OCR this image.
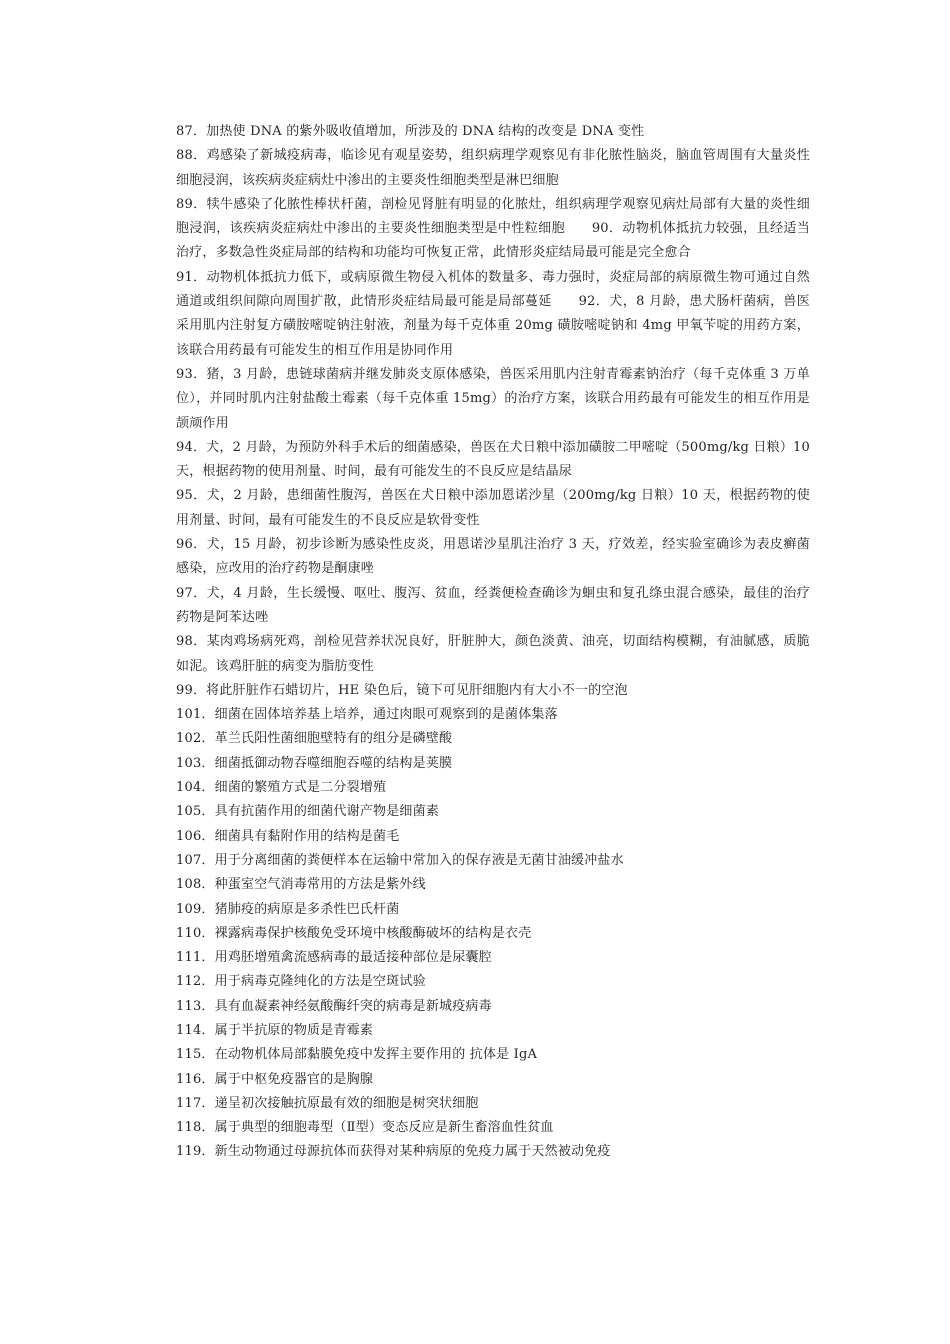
87．加热使 DNA 的紫外吸收值增加，所涉及的 DNA 结构的改变是 DNA 变性

88．鸡感染了新城疫病毒，临诊见有观星姿势，组织病理学观察见有非化脓性脑炎，脑血管周围有大量炎性细胞浸润，该疾病炎症病灶中渗出的主要炎性细胞类型是淋巴细胞

89．犊牛感染了化脓性棒状杆菌，剖检见肾脏有明显的化脓灶，组织病理学观察见病灶局部有大量的炎性细胞浸润，该疾病炎症病灶中渗出的主要炎性细胞类型是中性粒细胞　　90．动物机体抵抗力较强，且经适当治疗，多数急性炎症局部的结构和功能均可恢复正常，此情形炎症结局最可能是完全愈合

91．动物机体抵抗力低下，或病原微生物侵入机体的数量多、毒力强时，炎症局部的病原微生物可通过自然通道或组织间隙向周围扩散，此情形炎症结局最可能是局部蔓延　　92．犬，8 月龄，患犬肠杆菌病，兽医采用肌内注射复方磺胺嘧啶钠注射液，剂量为每千克体重 20mg 磺胺嘧啶钠和 4mg 甲氧苄啶的用药方案，该联合用药最有可能发生的相互作用是协同作用

93．猪，3 月龄，患链球菌病并继发肺炎支原体感染，兽医采用肌内注射青霉素钠治疗（每千克体重 3 万单位），并同时肌内注射盐酸土霉素（每千克体重 15mg）的治疗方案，该联合用药最有可能发生的相互作用是颉颃作用

94．犬，2 月龄，为预防外科手术后的细菌感染，兽医在犬日粮中添加磺胺二甲嘧啶（500mg/kg 日粮）10 天，根据药物的使用剂量、时间，最有可能发生的不良反应是结晶尿

95．犬，2 月龄，患细菌性腹泻，兽医在犬日粮中添加恩诺沙星（200mg/kg 日粮）10 天，根据药物的使用剂量、时间，最有可能发生的不良反应是软骨变性

96．犬，15 月龄，初步诊断为感染性皮炎，用恩诺沙星肌注治疗 3 天，疗效差，经实验室确诊为表皮癣菌感染，应改用的治疗药物是酮康唑

97．犬，4 月龄，生长缓慢、呕吐、腹泻、贫血，经粪便检查确诊为蛔虫和复孔绦虫混合感染，最佳的治疗药物是阿苯达唑

98．某肉鸡场病死鸡，剖检见营养状况良好，肝脏肿大，颜色淡黄、油亮，切面结构模糊，有油腻感，质脆如泥。该鸡肝脏的病变为脂肪变性

99．将此肝脏作石蜡切片，HE 染色后，镜下可见肝细胞内有大小不一的空泡

101．细菌在固体培养基上培养，通过肉眼可观察到的是菌体集落

102．革兰氏阳性菌细胞壁特有的组分是磷壁酸

103．细菌抵御动物吞噬细胞吞噬的结构是荚膜

104．细菌的繁殖方式是二分裂增殖

105．具有抗菌作用的细菌代谢产物是细菌素

106．细菌具有黏附作用的结构是菌毛

107．用于分离细菌的粪便样本在运输中常加入的保存液是无菌甘油缓冲盐水

108．种蛋室空气消毒常用的方法是紫外线

109．猪肺疫的病原是多杀性巴氏杆菌

110．裸露病毒保护核酸免受环境中核酸酶破坏的结构是衣壳

111．用鸡胚增殖禽流感病毒的最适接种部位是尿囊腔

112．用于病毒克隆纯化的方法是空斑试验

113．具有血凝素神经氨酸酶纤突的病毒是新城疫病毒

114．属于半抗原的物质是青霉素

115．在动物机体局部黏膜免疫中发挥主要作用的 抗体是 IgA

116．属于中枢免疫器官的是胸腺

117．递呈初次接触抗原最有效的细胞是树突状细胞

118．属于典型的细胞毒型（Ⅱ型）变态反应是新生畜溶血性贫血

119．新生动物通过母源抗体而获得对某种病原的免疫力属于天然被动免疫
